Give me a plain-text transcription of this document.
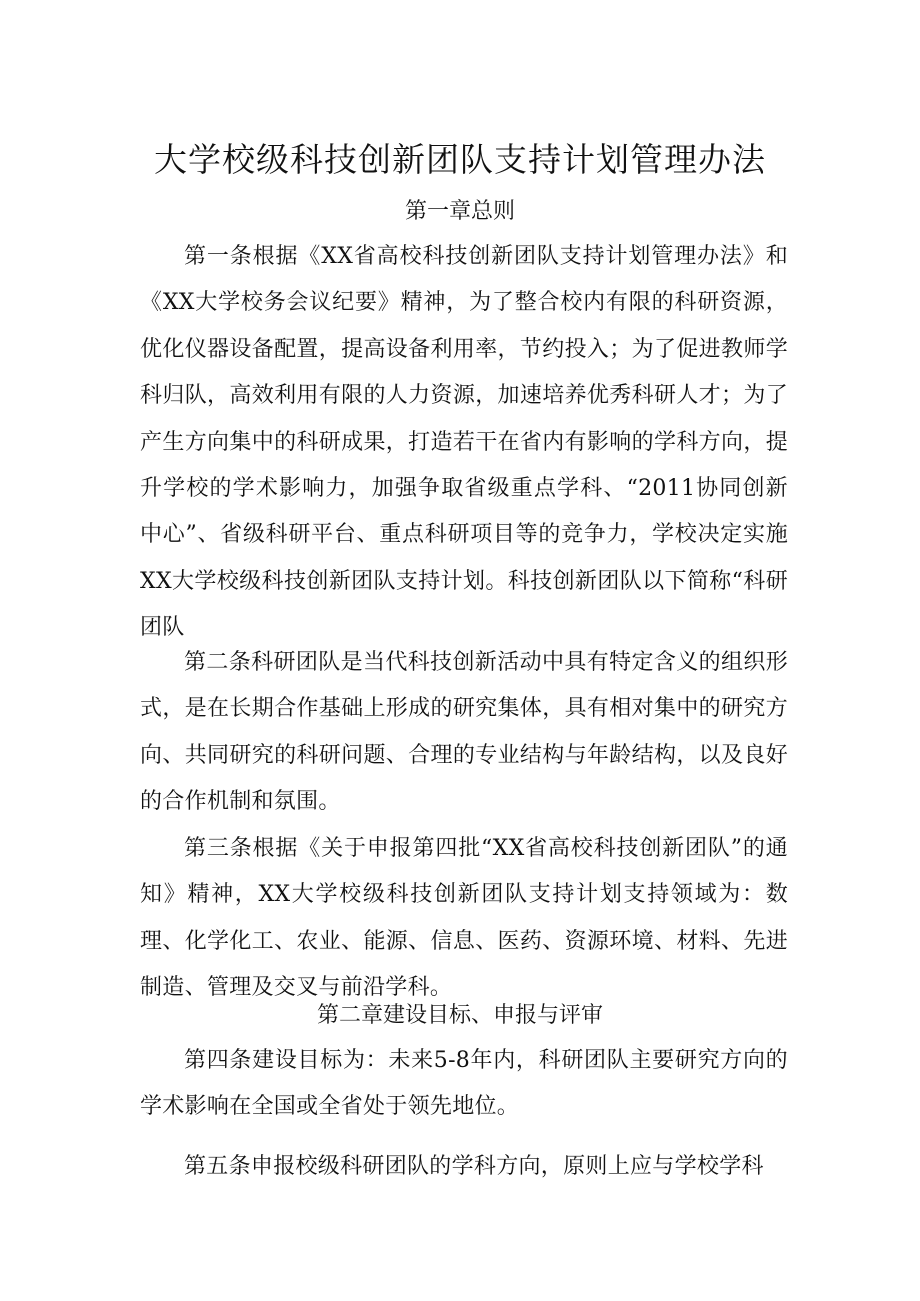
大学校级科技创新团队支持计划管理办法
第一章总则

第一条根据《XX省高校科技创新团队支持计划管理办法》和《XX大学校务会议纪要》精神，为了整合校内有限的科研资源，优化仪器设备配置，提高设备利用率，节约投入；为了促进教师学科归队，高效利用有限的人力资源，加速培养优秀科研人才；为了产生方向集中的科研成果，打造若干在省内有影响的学科方向，提升学校的学术影响力，加强争取省级重点学科、“2011协同创新中心”、省级科研平台、重点科研项目等的竞争力，学校决定实施XX大学校级科技创新团队支持计划。科技创新团队以下简称“科研团队

第二条科研团队是当代科技创新活动中具有特定含义的组织形式，是在长期合作基础上形成的研究集体，具有相对集中的研究方向、共同研究的科研问题、合理的专业结构与年龄结构，以及良好的合作机制和氛围。

第三条根据《关于申报第四批“XX省高校科技创新团队”的通知》精神，XX大学校级科技创新团队支持计划支持领域为：数理、化学化工、农业、能源、信息、医药、资源环境、材料、先进制造、管理及交叉与前沿学科。

第二章建设目标、申报与评审

第四条建设目标为：未来5-8年内，科研团队主要研究方向的学术影响在全国或全省处于领先地位。

第五条申报校级科研团队的学科方向，原则上应与学校学科
